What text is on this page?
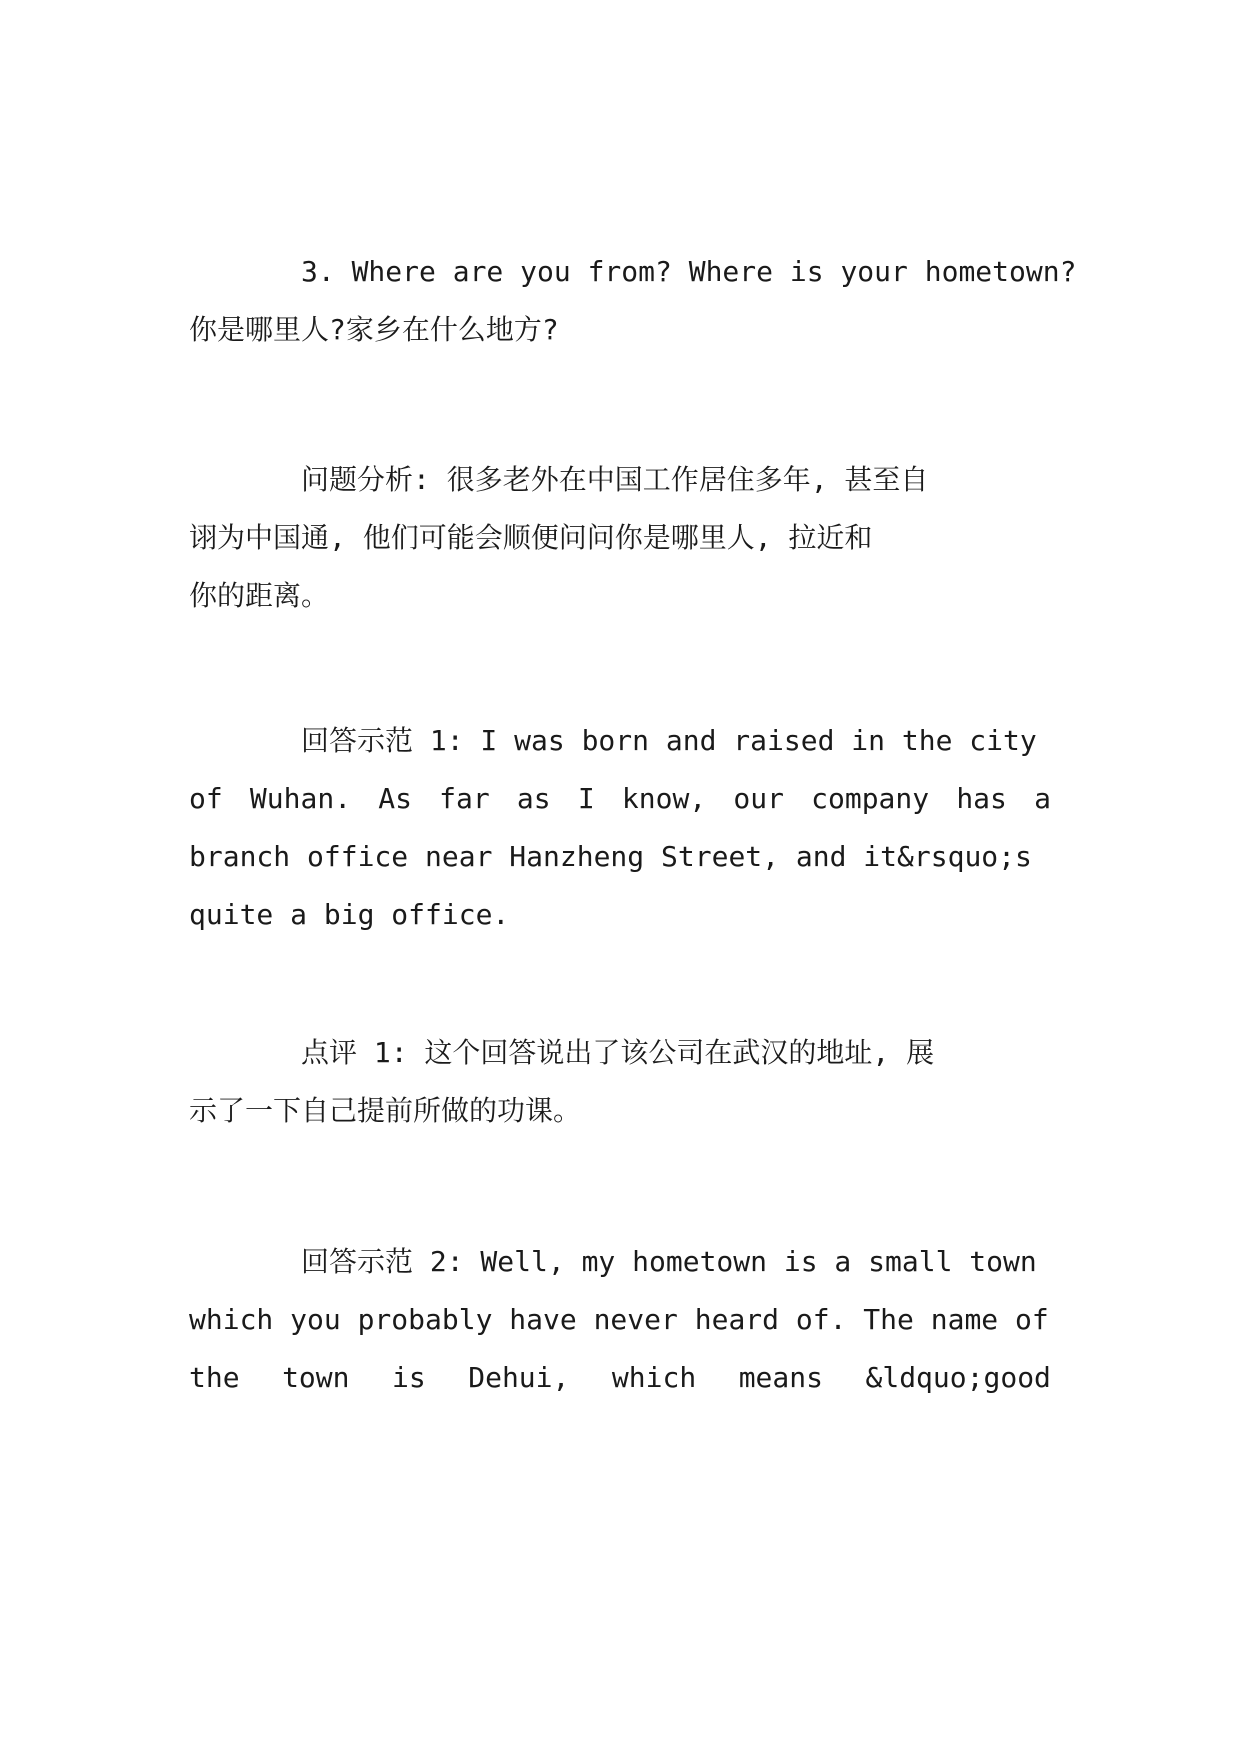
3. Where are you from? Where is your hometown?
你是哪里人?家乡在什么地方?
问题分析: 很多老外在中国工作居住多年, 甚至自
诩为中国通, 他们可能会顺便问问你是哪里人, 拉近和
你的距离。
回答示范 1: I was born and raised in the city
of Wuhan. As far as I know, our company has a
branch office near Hanzheng Street, and it&rsquo;s
quite a big office.
点评 1: 这个回答说出了该公司在武汉的地址, 展
示了一下自己提前所做的功课。
回答示范 2: Well, my hometown is a small town
which you probably have never heard of. The name of
the town is Dehui, which means &ldquo;good
